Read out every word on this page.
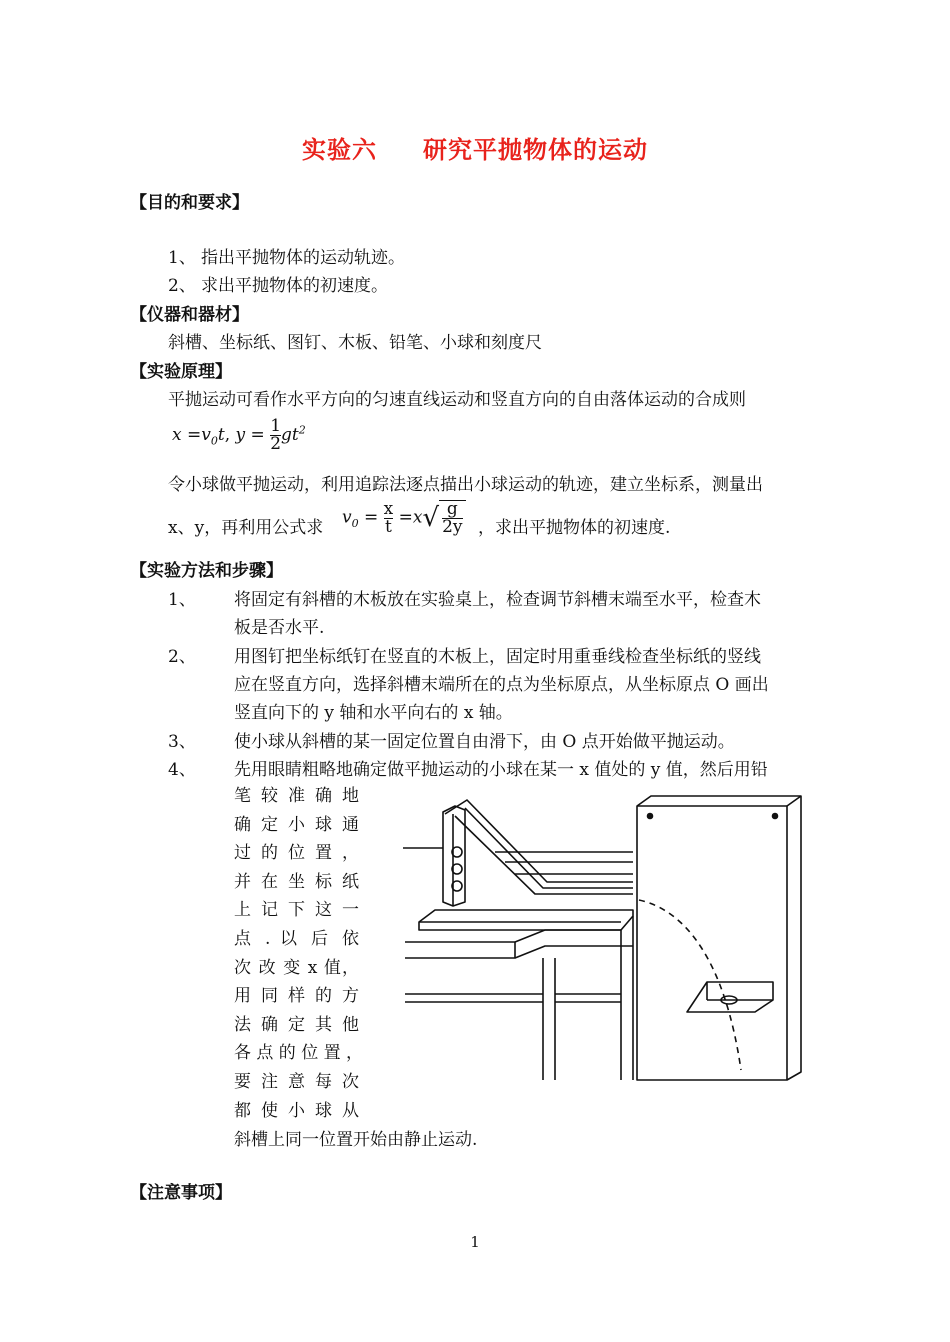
实验六 研究平抛物体的运动
【目的和要求】
1、 指出平抛物体的运动轨迹。
2、 求出平抛物体的初速度。
【仪器和器材】
斜槽、坐标纸、图钉、木板、铅笔、小球和刻度尺
【实验原理】
平抛运动可看作水平方向的匀速直线运动和竖直方向的自由落体运动的合成则
$x =v_0t$, $y = \frac{1}{2} gt^2$
令小球做平抛运动，利用追踪法逐点描出小球运动的轨迹，建立坐标系，测量出
x、y，再利用公式求
$v_0 = \frac{x}{t} =x√ \frac{g}{2y}$ ，求出平抛物体的初速度.
【实验方法和步骤】
1、 将固定有斜槽的木板放在实验桌上，检查调节斜槽末端至水平，检查木
板是否水平.
2、 用图钉把坐标纸钉在竖直的木板上，固定时用重垂线检查坐标纸的竖线
应在竖直方向，选择斜槽末端所在的点为坐标原点，从坐标原点 O 画出
竖直向下的 y 轴和水平向右的 x 轴。
3、 使小球从斜槽的某一固定位置自由滑下，由 O 点开始做平抛运动。
4、 先用眼睛粗略地确定做平抛运动的小球在某一 x 值处的 y 值，然后用铅
笔 较 准 确 地
确 定 小 球 通
过 的 位 置 ，
并 在 坐 标 纸
上 记 下 这 一
点 . 以 后 依
次 改 变 x 值，
用 同 样 的 方
法 确 定 其 他
各 点 的 位 置 ，
要 注 意 每 次
都 使 小 球 从
斜槽上同一位置开始由静止运动.
【注意事项】
1
